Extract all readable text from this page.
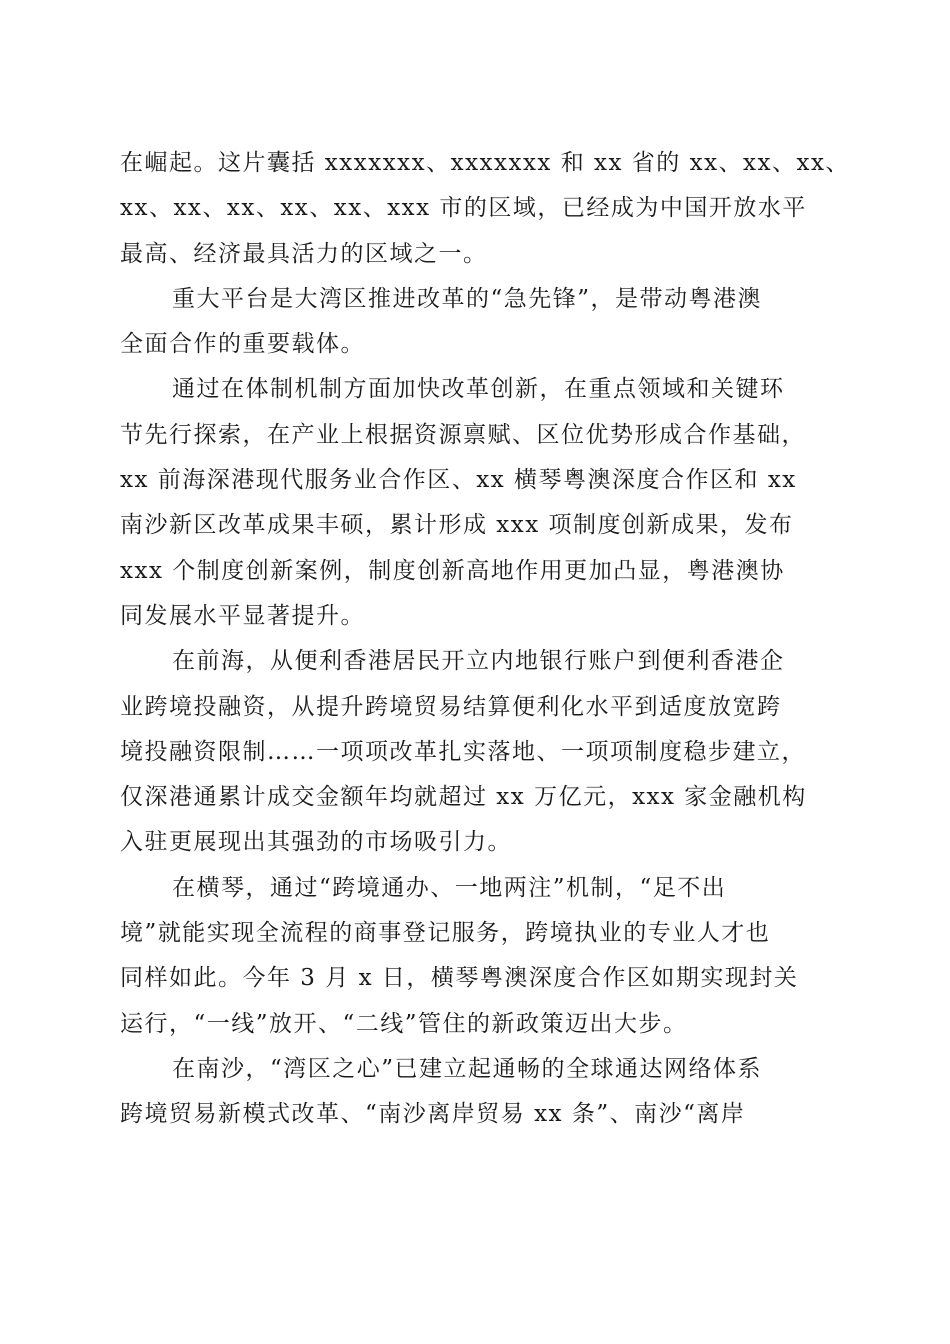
在崛起。这片囊括 xxxxxxx、xxxxxxx 和 xx 省的 xx、xx、xx、
xx、xx、xx、xx、xx、xxx 市的区域，已经成为中国开放水平
最高、经济最具活力的区域之一。
重大平台是大湾区推进改革的“急先锋”，是带动粤港澳
全面合作的重要载体。
通过在体制机制方面加快改革创新，在重点领域和关键环
节先行探索，在产业上根据资源禀赋、区位优势形成合作基础，
xx 前海深港现代服务业合作区、xx 横琴粤澳深度合作区和 xx
南沙新区改革成果丰硕，累计形成 xxx 项制度创新成果，发布
xxx 个制度创新案例，制度创新高地作用更加凸显，粤港澳协
同发展水平显著提升。
在前海，从便利香港居民开立内地银行账户到便利香港企
业跨境投融资，从提升跨境贸易结算便利化水平到适度放宽跨
境投融资限制……一项项改革扎实落地、一项项制度稳步建立，
仅深港通累计成交金额年均就超过 xx 万亿元，xxx 家金融机构
入驻更展现出其强劲的市场吸引力。
在横琴，通过“跨境通办、一地两注”机制，“足不出
境”就能实现全流程的商事登记服务，跨境执业的专业人才也
同样如此。今年 3 月 x 日，横琴粤澳深度合作区如期实现封关
运行，“一线”放开、“二线”管住的新政策迈出大步。
在南沙，“湾区之心”已建立起通畅的全球通达网络体系
跨境贸易新模式改革、“南沙离岸贸易 xx 条”、南沙“离岸
